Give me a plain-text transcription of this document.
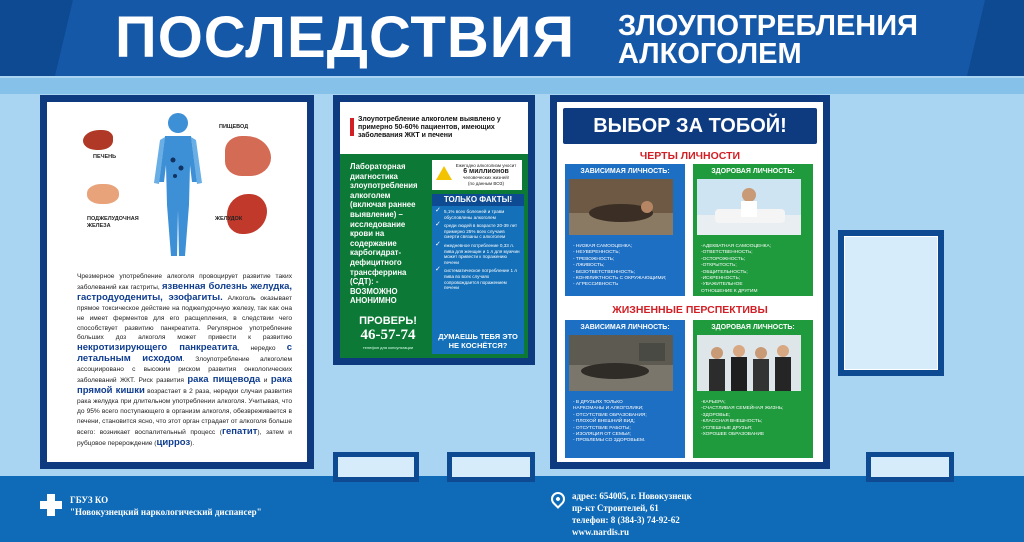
ПОСЛЕДСТВИЯ ЗЛОУПОТРЕБЛЕНИЯ
АЛКОГОЛЕМ
ГБУЗ КО
"Новокузнецкий наркологический диспансер"
адрес: 654005, г. Новокузнецк
пр-кт Строителей, 61
телефон: 8 (384-3) 74-92-62
www.nardis.ru
ПЕЧЕНЬ
ПОДЖЕЛУДОЧНАЯ
ЖЕЛЕЗА
ПИЩЕВОД
ЖЕЛУДОК
Чрезмерное употребление алкоголя провоцирует развитие таких заболеваний как гастриты, язвенная болезнь желудка, гастродуодениты, эзофагиты. Алкоголь оказывает прямое токсическое действие на поджелудочную железу, так как она не имеет ферментов для его расщепления, в следствии чего способствует развитию панкреатита. Регулярное употребление больших доз алкоголя может привести к развитию некротизирующего панкреатита, нередко с летальным исходом. Злоупотребление алкоголем ассоциировано с высоким риском развития онкологических заболеваний ЖКТ. Риск развития рака пищевода и рака прямой кишки возрастает в 2 раза, нередки случаи развития рака желудка при длительном употреблении алкоголя. Учитывая, что до 95% всего поступающего в организм алкоголя, обезвреживается в печени, становится ясно, что этот орган страдает от алкоголя больше всего: возникает воспалительный процесс (гепатит), затем и рубцовое перерождение (цирроз).
Злоупотребление алкоголем выявлено у примерно 50-60% пациентов, имеющих заболевания ЖКТ и печени
Лабораторная диагностика злоупотребления алкоголем (включая раннее выявление) – исследование крови на содержание карбогидрат-дефицитного трансферрина (CДТ): - ВОЗМОЖНО АНОНИМНО
ПРОВЕРЬ!
46-57-74
телефон для консультации
Ежегодно алкоголизм уносит
6 миллионов
человеческих жизней!
(по данным ВОЗ)
ТОЛЬКО ФАКТЫ!
✓ 5,1% всех болезней и травм обусловлены алкоголем
✓ среди людей в возрасте 20-39 лет примерно 25% всех случаев смерти связаны с алкоголем
✓ ежедневное потребление 0,33 л. пива для женщин и 1 л для мужчин может привести к поражению печени
✓ систематическое потребление 1 л пива во всех случаях сопровождается поражением печени
ДУМАЕШЬ ТЕБЯ ЭТО НЕ КОСНЁТСЯ?
ВЫБОР ЗА ТОБОЙ!
ЧЕРТЫ ЛИЧНОСТИ
ЗАВИСИМАЯ ЛИЧНОСТЬ:
- НИЗКАЯ САМООЦЕНКА;
- НЕУВЕРЕННОСТЬ;
- ТРЕВОЖНОСТЬ;
- ЛЖИВОСТЬ;
- БЕЗОТВЕТСТВЕННОСТЬ;
- КОНФЛИКТНОСТЬ С ОКРУЖАЮЩИМИ;
- АГРЕССИВНОСТЬ
ЗДОРОВАЯ ЛИЧНОСТЬ:
-АДЕКВАТНАЯ САМООЦЕНКА;
-ОТВЕТСТВЕННОСТЬ;
-ОСТОРОЖНОСТЬ;
-ОТКРЫТОСТЬ;
-ОБЩИТЕЛЬНОСТЬ;
-ИСКРЕННОСТЬ;
-УВАЖИТЕЛЬНОЕ
ОТНОШЕНИЕ К ДРУГИМ
ЖИЗНЕННЫЕ ПЕРСПЕКТИВЫ
ЗАВИСИМАЯ ЛИЧНОСТЬ:
- В ДРУЗЬЯХ ТОЛЬКО
НАРКОМАНЫ И АЛКОГОЛИКИ;
- ОТСУТСТВИЕ ОБРАЗОВАНИЯ;
- ПЛОХОЙ ВНЕШНИЙ ВИД;
- ОТСУТСТВИЕ РАБОТЫ;
- ИЗОЛЯЦИЯ ОТ СЕМЬИ;
- ПРОБЛЕМЫ СО ЗДОРОВЬЕМ.
ЗДОРОВАЯ ЛИЧНОСТЬ:
-КАРЬЕРА;
-СЧАСТЛИВАЯ СЕМЕЙНАЯ ЖИЗНЬ;
-ЗДОРОВЬЕ;
-КЛАССНАЯ ВНЕШНОСТЬ;
-УСПЕШНЫЕ ДРУЗЬЯ;
-ХОРОШЕЕ ОБРАЗОВАНИЕ
